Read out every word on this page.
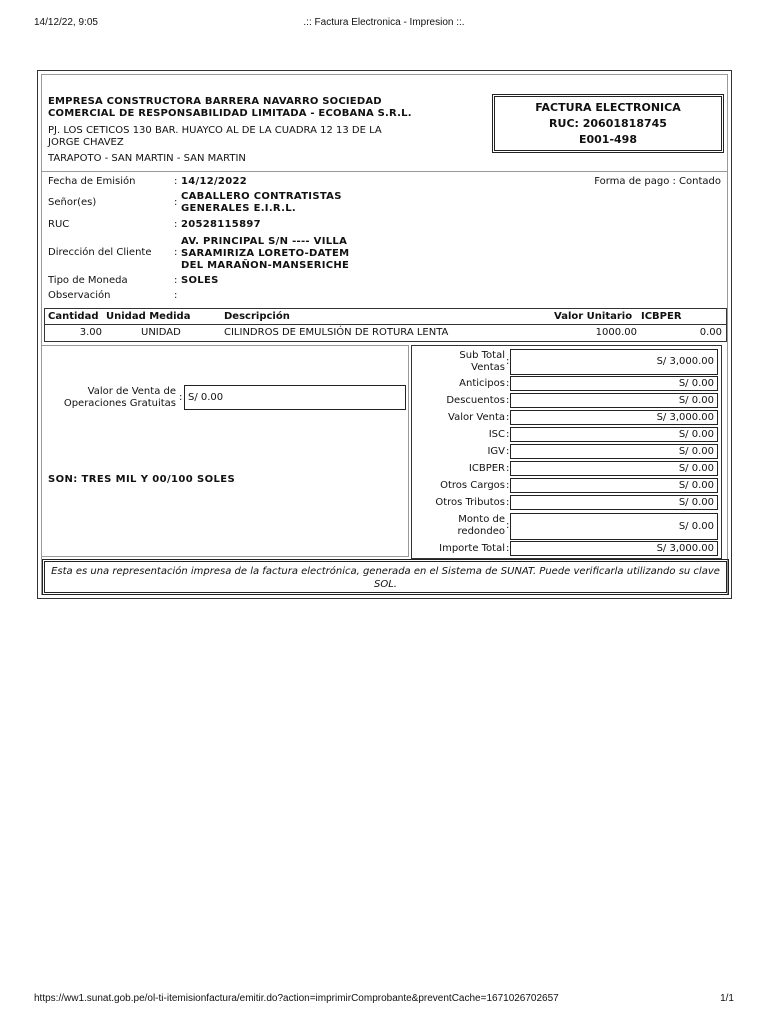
14/12/22, 9:05	.:: Factura Electronica - Impresion ::.
EMPRESA CONSTRUCTORA BARRERA NAVARRO SOCIEDAD
COMERCIAL DE RESPONSABILIDAD LIMITADA - ECOBANA S.R.L.
PJ. LOS CETICOS 130 BAR. HUAYCO AL DE LA CUADRA 12 13 DE LA
JORGE CHAVEZ
TARAPOTO - SAN MARTIN - SAN MARTIN
FACTURA ELECTRONICA
RUC: 20601818745
E001-498
Fecha de Emisión	: 14/12/2022	Forma de pago : Contado
Señor(es)	:
CABALLERO CONTRATISTAS
GENERALES E.I.R.L.
RUC	: 20528115897
Dirección del Cliente :
AV. PRINCIPAL S/N ---- VILLA
SARAMIRIZA LORETO-DATEM
DEL MARAÑON-MANSERICHE
Tipo de Moneda	: SOLES
Observación	:
Cantidad Unidad Medida	Descripción	Valor Unitario ICBPER
3.00	UNIDAD	CILINDROS DE EMULSIÓN DE ROTURA LENTA	1000.00	0.00
Valor de Venta de
Operaciones Gratuitas
: S/ 0.00
SON: TRES MIL Y 00/100 SOLES
Sub Total
Ventas
:	S/ 3,000.00
Anticipos :	S/ 0.00
Descuentos :	S/ 0.00
Valor Venta :	S/ 3,000.00
ISC :	S/ 0.00
IGV :	S/ 0.00
ICBPER :	S/ 0.00
Otros Cargos :	S/ 0.00
Otros Tributos :	S/ 0.00
Monto de
redondeo
:	S/ 0.00
Importe Total :	S/ 3,000.00
Esta es una representación impresa de la factura electrónica, generada en el Sistema de SUNAT. Puede verificarla utilizando su clave SOL.
https://ww1.sunat.gob.pe/ol-ti-itemisionfactura/emitir.do?action=imprimirComprobante&preventCache=1671026702657	1/1
